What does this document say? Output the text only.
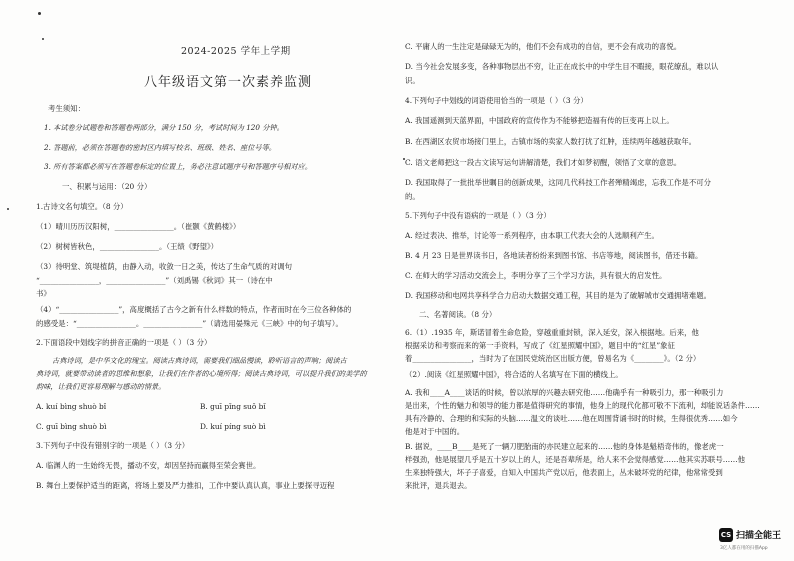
2024-2025 学年上学期
八年级语文第一次素养监测
考生须知：
1. 本试卷分试题卷和答题卷两部分，满分 150 分，考试时间为 120 分钟。
2. 答题前，必须在答题卷的密封区内填写校名、班级、姓名、座位号等。
3. 所有答案都必须写在答题卷标定的位置上，务必注意试题序号和答题序号相对应。
一、积累与运用：（20 分）
1.古诗文名句填空。（8 分）
（1）晴川历历汉阳树，________________。（崔颢《黄鹤楼》）
（2）树树皆秋色，________________。（王绩《野望》）
（3）待明堂、筑堤植荫，由静入动，收敛一日之美，传达了生命气质的对调句
“________________，________________”（刘禹锡《秋词》其一（诗在中
书》
（4）“________________”，高度概括了古今之新有什么样数的特点，作者而时在今三位各种体的
的感受是：“________________。________________”（请选用晏殊元《三峡》中的句子填写）。
2.下面语段中划线字的拼音正确的一项是（ ）（3 分）
古典诗词，是中华文化的瑰宝。阅读古典诗词，需要我们细品慢读，聆听语言的声响；阅读古
典诗词，就要带动读者的思维和想象，让我们在作者的心境所得；阅读古典诗词，可以提升我们的美学的
韵味，让我们更容易理解与感动的情景。
A. kuí bìng shuò bǐ	B. guī pǐng suǒ bǐ
C. guī bìng shuò bì	D. kuí píng suò bì
3.下列句子中没有错别字的一项是（ ）（3 分）
A. 临渊人的一生始终无畏，播动不安，却因坚持而赢得至荣会赛世。
B. 舞台上要保护适当的距离，将场上要及严力推扣，工作中要认真认真，事业上要探寻迈程
C. 平庸人的一生注定是碌碌无为的，他们不会有成功的自信，更不会有成功的喜悦。
D. 当今社会发展多变，各种事物层出不穷，让正在成长中的中学生目不暇接，眼花缭乱，难以认
识。
4.下列句子中划线的词语使用恰当的一项是（ ）（3 分）
A. 我国遥测到天蓝界面，中国政府的宣传作为不能够把造福有传的巨变再上以上。
B. 在西湖区农贸市场接门里上，古镇市场的卖家人数打扰了红肿，连续两年越越获取年。
C. 语文老师把这一段古文读写运句讲解清楚，我们才如梦初醒，领悟了文章的意思。
D. 我国取得了一批批举世瞩目的创新成果，这同几代科技工作者殚精竭虑，忘我工作是不可分
的。
5.下列句子中没有语病的一项是（ ）（3 分）
A. 经过表决、推举，讨论等一系列程序，由本职工代表大会的人选顺利产生。
B. 4 月 23 日是世界读书日，各地读者纷纷来到图书馆、书店等地，阅读图书，借还书籍。
C. 在师大的学习活动交流会上，李明分享了三个学习方法，具有很大的启发性。
D. 我国移动和电网共享科学合力启动大数据交通工程，其目的是为了破解城市交通拥堵难题。
二、名著阅读。（8 分）
6.（1）.1935 年，斯诺冒着生命危险，穿越重重封锁，深入延安，深入根据地。后来，他
根据采访和考察而来的第一手资料，写成了《红星照耀中国》，题目中的“红星”象征
着________________，当时为了在国民党统治区出版方便，曾易名为《________》。（2 分）
（2）.阅读《红星照耀中国》，将合适的人名填写在下面的横线上。
A. 我和____A____谈话的时候，曾以浓厚的兴趣去研究他……他确乎有一种吸引力，那一种吸引力
是出来，个性的魅力和领导的能力都是值得研究的事情，他身上的现代化都可敬不下流利，却能说话条件……
具有冷静的、合理的和实际的头脑……温文的谈吐……他在周围背诵书时的时候，生得很优秀……如今
他是对于中国的。
B. 据说，____B____是死了一辆刀肥胎南的亦民建立起来的……他的身体是魁梧奇伟的，像老虎一
样强劲，他是展望几乎是五十岁以上的人，还是吾辈所是，给人来不会觉得感觉……他其实苏联号……他
生来独特强大，坏子子喜爱，自知入中国共产党以后，他表面上，丛未破坏党的纪律，他常常受到
来批评，退兵退去。
CS 扫描全能王
3亿人都在用的扫描App
